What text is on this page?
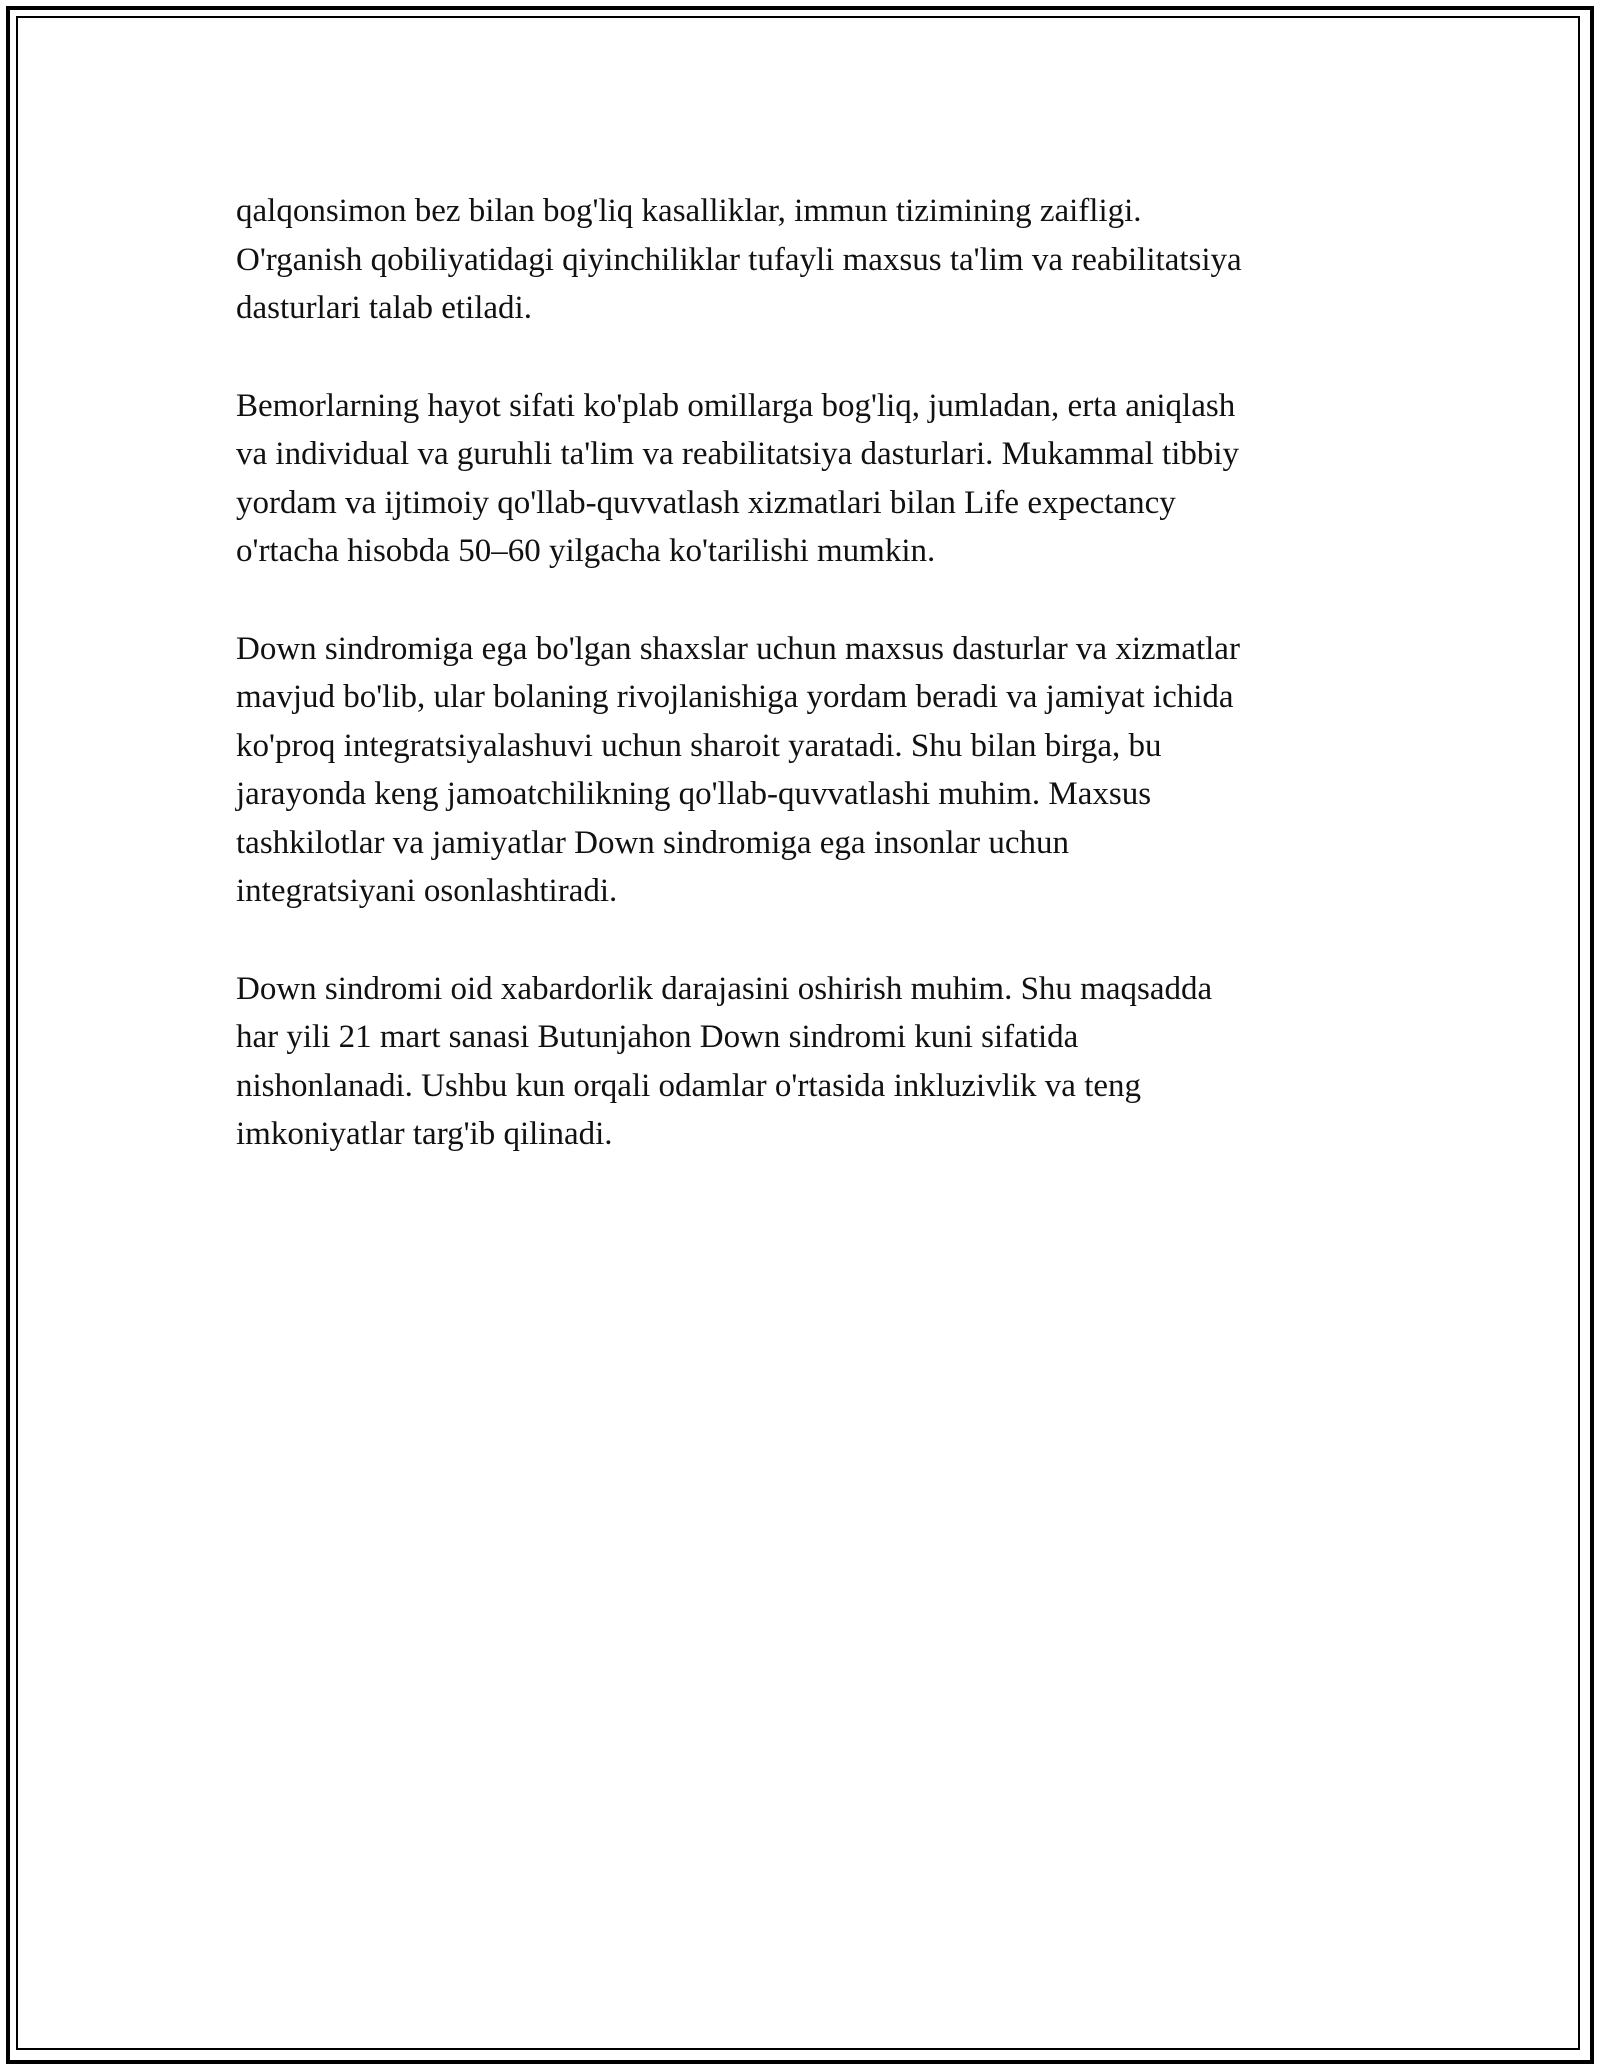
qalqonsimon bez bilan bog'liq kasalliklar, immun tizimining zaifligi.
O'rganish qobiliyatidagi qiyinchiliklar tufayli maxsus ta'lim va reabilitatsiya
dasturlari talab etiladi.

Bemorlarning hayot sifati ko'plab omillarga bog'liq, jumladan, erta aniqlash
va individual va guruhli ta'lim va reabilitatsiya dasturlari. Mukammal tibbiy
yordam va ijtimoiy qo'llab-quvvatlash xizmatlari bilan Life expectancy
o'rtacha hisobda 50–60 yilgacha ko'tarilishi mumkin.

Down sindromiga ega bo'lgan shaxslar uchun maxsus dasturlar va xizmatlar
mavjud bo'lib, ular bolaning rivojlanishiga yordam beradi va jamiyat ichida
ko'proq integratsiyalashuvi uchun sharoit yaratadi. Shu bilan birga, bu
jarayonda keng jamoatchilikning qo'llab-quvvatlashi muhim. Maxsus
tashkilotlar va jamiyatlar Down sindromiga ega insonlar uchun
integratsiyani osonlashtiradi.

Down sindromi oid xabardorlik darajasini oshirish muhim. Shu maqsadda
har yili 21 mart sanasi Butunjahon Down sindromi kuni sifatida
nishonlanadi. Ushbu kun orqali odamlar o'rtasida inkluzivlik va teng
imkoniyatlar targ'ib qilinadi.
